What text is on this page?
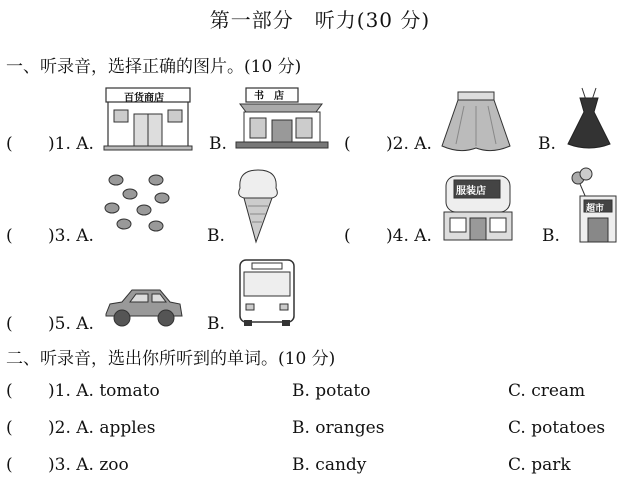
第一部分　听力(30 分)
一、听录音，选择正确的图片。(10 分)
( )1. A.
百货商店
B.
书　店
( )2. A.	B.
( )3. A.	B.	( )4. A.
服装店
B.
超市
( )5. A.	B.
二、听录音，选出你所听到的单词。(10 分)
( )1. A. tomato	B. potato	C. cream
( )2. A. apples	B. oranges	C. potatoes
( )3. A. zoo	B. candy	C. park
